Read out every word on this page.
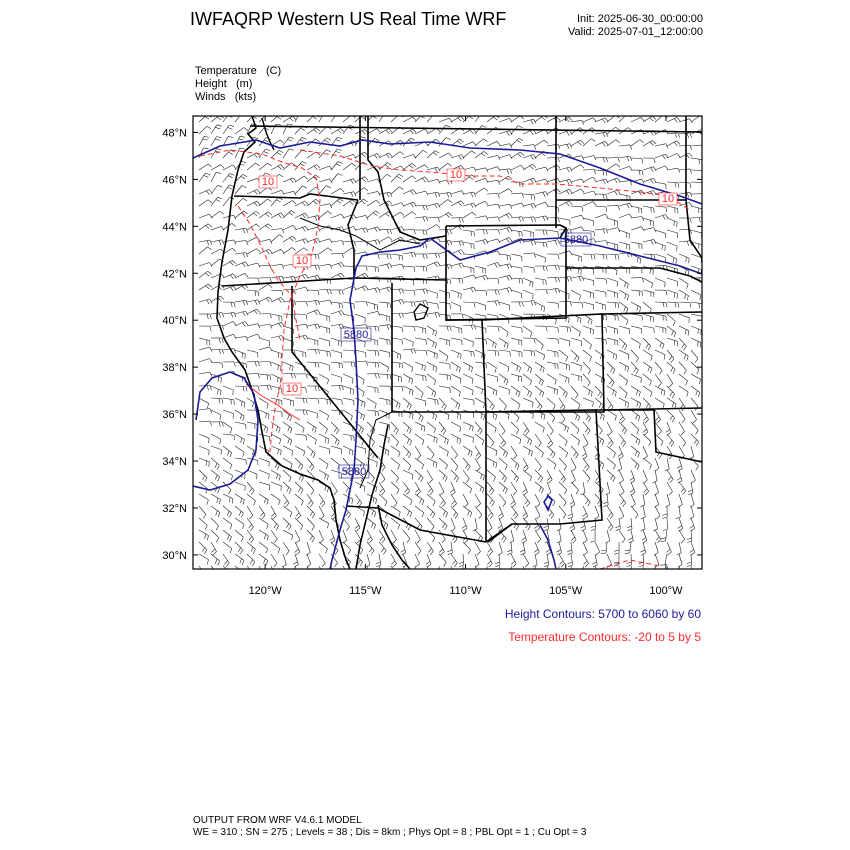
IWFAQRP Western US Real Time WRF	Init: 2025-06-30_00:00:00
Valid: 2025-07-01_12:00:00
Temperature (C)
Height (m)
Winds (kts)
48°N
46°N
44°N
42°N
40°N
38°N
36°N
34°N
32°N
30°N
120°W	115°W	110°W	105°W	100°W
5880
5880
5880
10
10
10
10
10
Height Contours: 5700 to 6060 by 60
Temperature Contours: -20 to 5 by 5
OUTPUT FROM WRF V4.6.1 MODEL
WE = 310 ; SN = 275 ; Levels = 38 ; Dis = 8km ; Phys Opt = 8 ; PBL Opt = 1 ; Cu Opt = 3
